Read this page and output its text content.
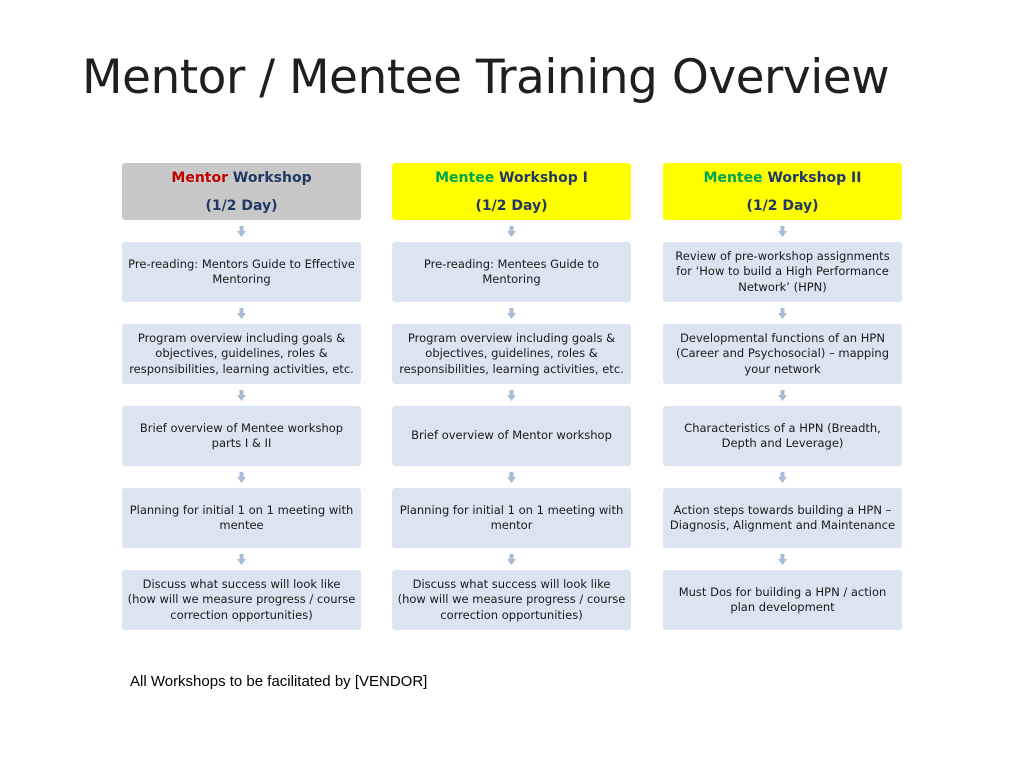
Mentor / Mentee Training Overview
Mentor Workshop
(1/2 Day)
Pre-reading: Mentors Guide to Effective Mentoring
Program overview including goals & objectives, guidelines, roles & responsibilities, learning activities, etc.
Brief overview of Mentee workshop parts I & II
Planning for initial 1 on 1 meeting with mentee
Discuss what success will look like (how will we measure progress / course correction opportunities)
Mentee Workshop I
(1/2 Day)
Pre-reading: Mentees Guide to Mentoring
Program overview including goals & objectives, guidelines, roles & responsibilities, learning activities, etc.
Brief overview of Mentor workshop
Planning for initial 1 on 1 meeting with mentor
Discuss what success will look like (how will we measure progress / course correction opportunities)
Mentee Workshop II
(1/2 Day)
Review of pre-workshop assignments for ‘How to build a High Performance Network’ (HPN)
Developmental functions of an HPN (Career and Psychosocial) – mapping your network
Characteristics of a HPN (Breadth, Depth and Leverage)
Action steps towards building a HPN – Diagnosis, Alignment and Maintenance
Must Dos for building a HPN / action plan development

All Workshops to be facilitated by [VENDOR]
